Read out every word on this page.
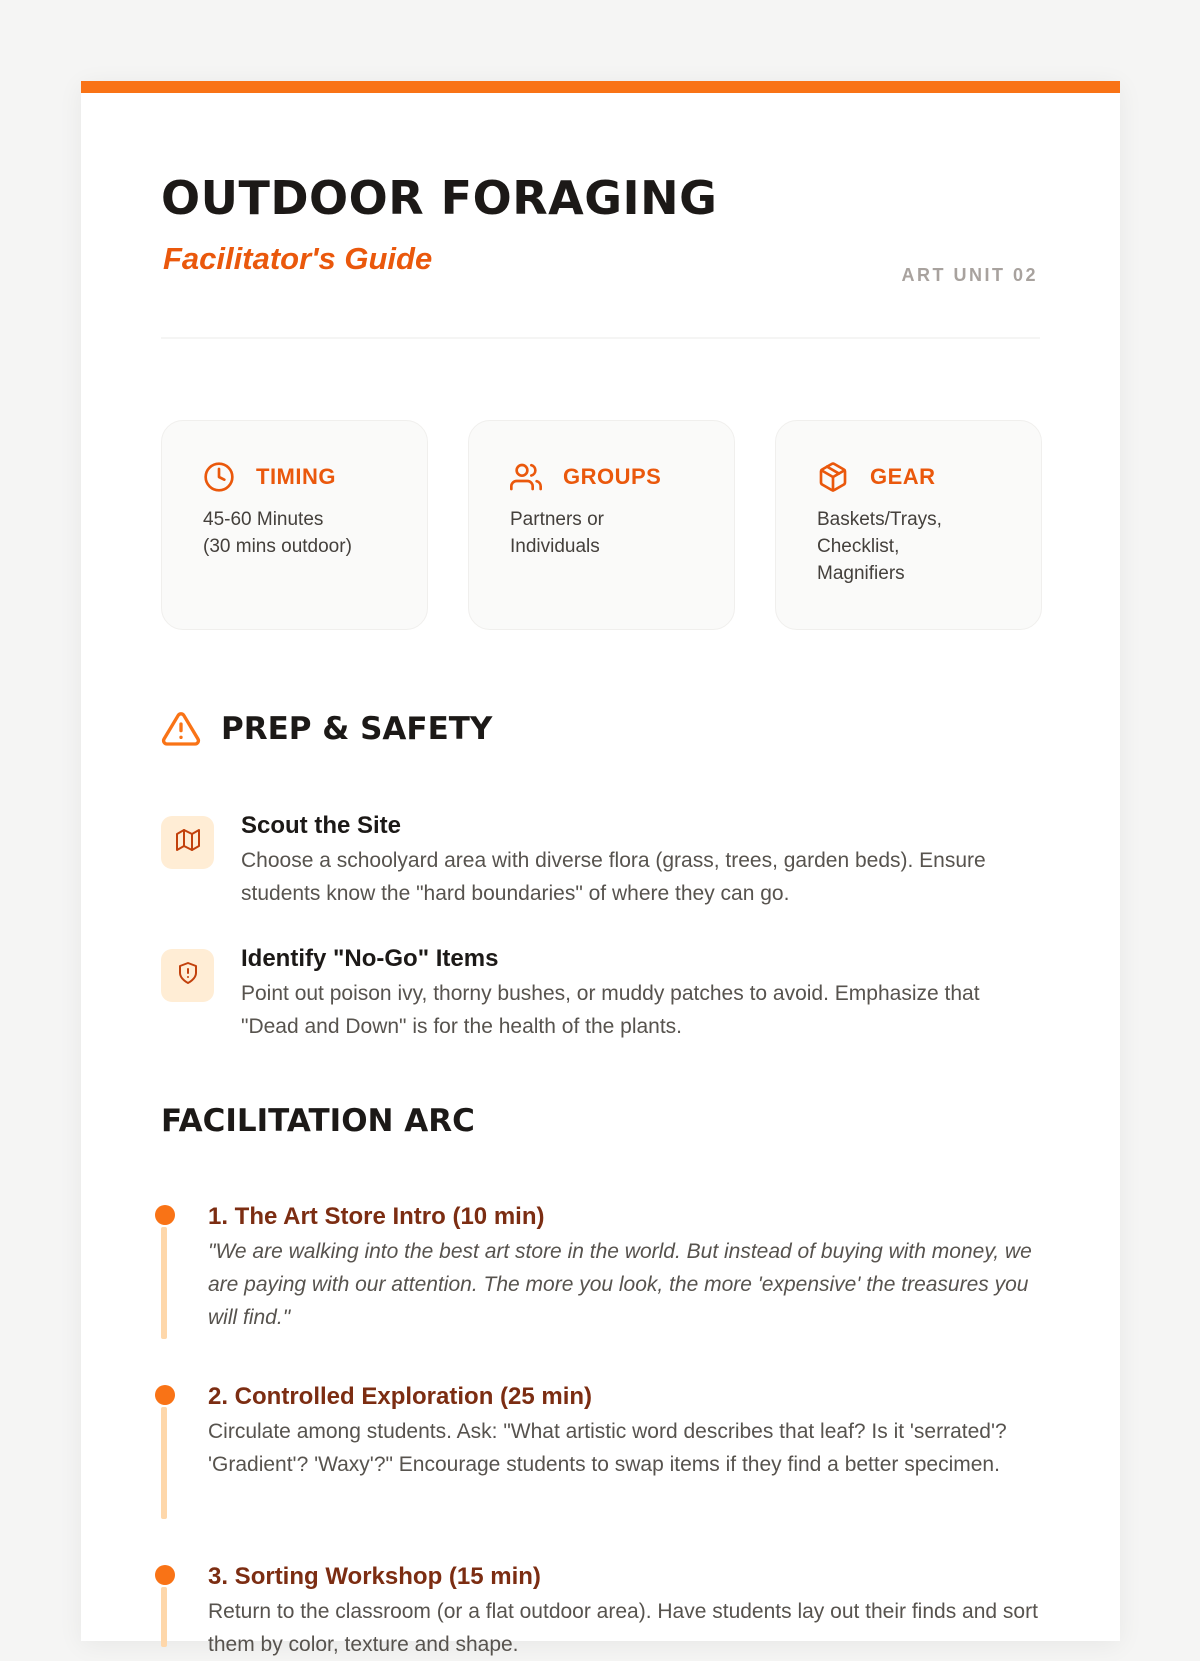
OUTDOOR FORAGING
Facilitator's Guide	ART UNIT 02
TIMING
45-60 Minutes
(30 mins outdoor)
GROUPS
Partners or
Individuals
GEAR
Baskets/Trays,
Checklist,
Magnifiers
PREP & SAFETY
Scout the Site
Choose a schoolyard area with diverse flora (grass, trees, garden beds). Ensure students know the "hard boundaries" of where they can go.
Identify "No-Go" Items
Point out poison ivy, thorny bushes, or muddy patches to avoid. Emphasize that "Dead and Down" is for the health of the plants.
FACILITATION ARC
1. The Art Store Intro (10 min)
"We are walking into the best art store in the world. But instead of buying with money, we are paying with our attention. The more you look, the more 'expensive' the treasures you will find."
2. Controlled Exploration (25 min)
Circulate among students. Ask: "What artistic word describes that leaf? Is it 'serrated'? 'Gradient'? 'Waxy'?" Encourage students to swap items if they find a better specimen.
3. Sorting Workshop (15 min)
Return to the classroom (or a flat outdoor area). Have students lay out their finds and sort them by color, texture and shape.
